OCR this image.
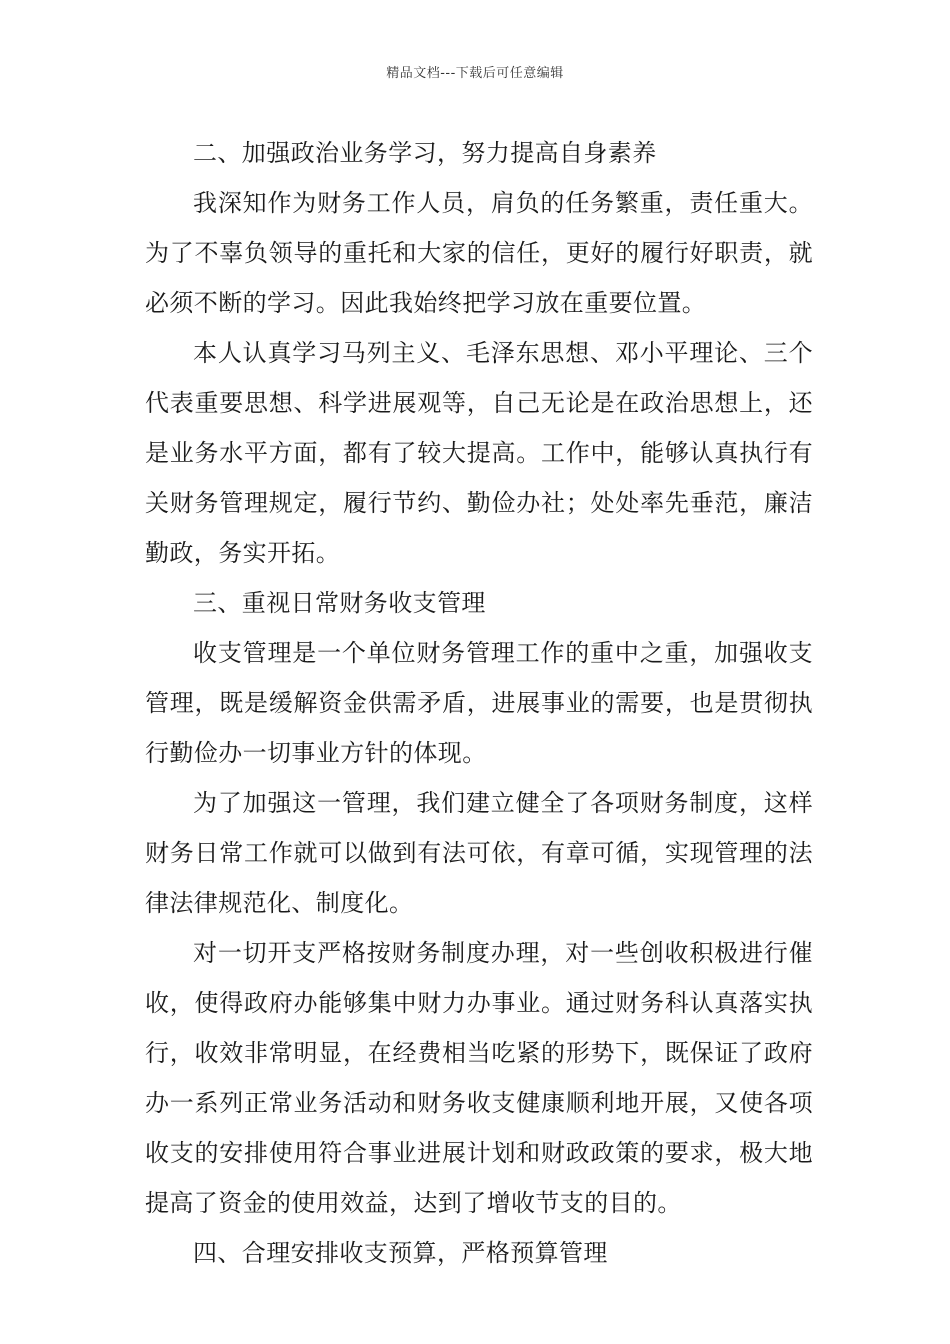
精品文档---下载后可任意编辑

二、加强政治业务学习，努力提高自身素养

我深知作为财务工作人员，肩负的任务繁重，责任重大。为了不辜负领导的重托和大家的信任，更好的履行好职责，就必须不断的学习。因此我始终把学习放在重要位置。

本人认真学习马列主义、毛泽东思想、邓小平理论、三个代表重要思想、科学进展观等，自己无论是在政治思想上，还是业务水平方面，都有了较大提高。工作中，能够认真执行有关财务管理规定，履行节约、勤俭办社；处处率先垂范，廉洁勤政，务实开拓。

三、重视日常财务收支管理

收支管理是一个单位财务管理工作的重中之重，加强收支管理，既是缓解资金供需矛盾，进展事业的需要，也是贯彻执行勤俭办一切事业方针的体现。

为了加强这一管理，我们建立健全了各项财务制度，这样财务日常工作就可以做到有法可依，有章可循，实现管理的法律法律规范化、制度化。

对一切开支严格按财务制度办理，对一些创收积极进行催收，使得政府办能够集中财力办事业。通过财务科认真落实执行，收效非常明显，在经费相当吃紧的形势下，既保证了政府办一系列正常业务活动和财务收支健康顺利地开展，又使各项收支的安排使用符合事业进展计划和财政政策的要求，极大地提高了资金的使用效益，达到了增收节支的目的。

四、合理安排收支预算，严格预算管理
